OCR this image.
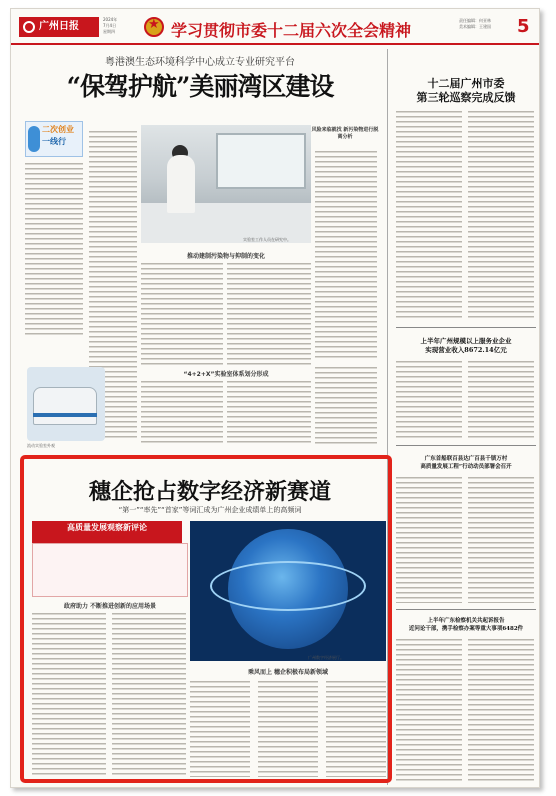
广州日报
2024年
7月4日
星期四
★	学习贯彻市委十二届六次全会精神
责任编辑：何亚林
美术编辑：王建国 5
粤港澳生态环境科学中心成立专业研究平台
“保驾护航”美丽湾区建设
二次创业
一线行
实验室工作人员在研究中。
风险来临就找 新污染物进行脱离分析
推动建制污染物与抑制的变化
“4+2+X”实验室体系划分形成
流动实验室外观
十二届广州市委
第三轮巡察完成反馈
上半年广州规模以上服务业企业
实现营业收入8672.14亿元
广东首船联百县达广百县千锁万村
高质量发展工程”行动动员部署会召开
上半年广东检察机关共起诉报告
近问论干部，携手检察办案等重大事项6482件
穗企抢占数字经济新赛道
“第一”“率先”“首家”等词汇成为广州企业成绩单上的高频词
高质量发展观察新评论
现代化产业体系建设
政府助力 不断推进创新的应用场景
广州数字经济展厅。
乘风而上 穗企积极布局新领域
